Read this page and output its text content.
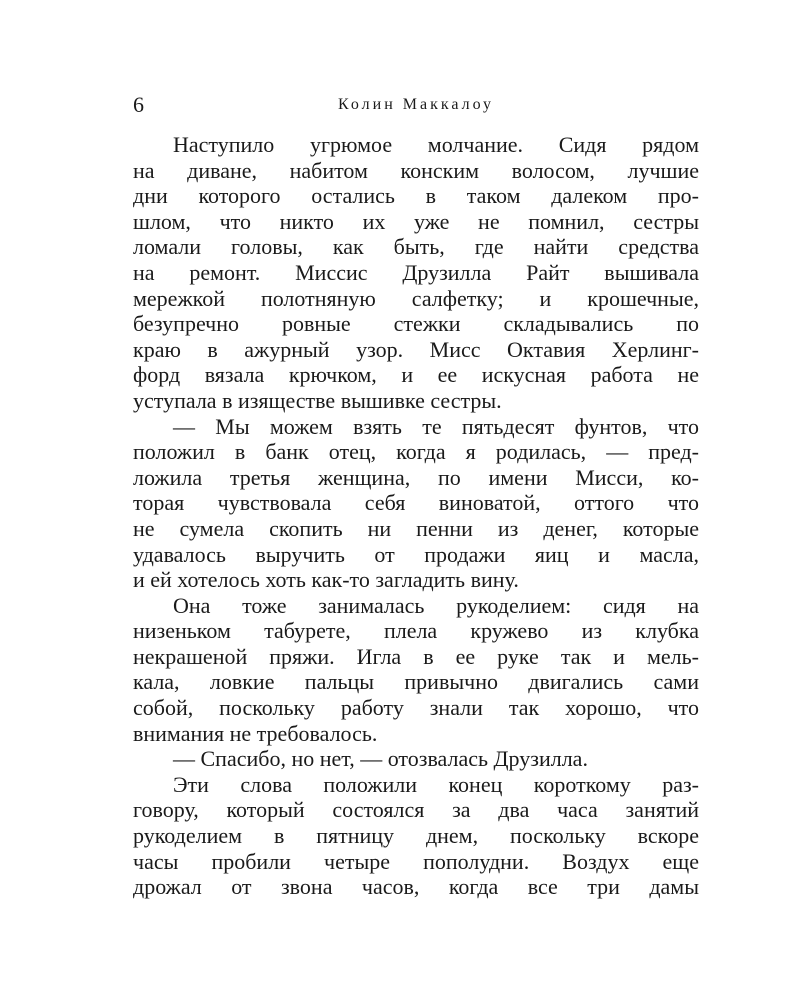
6	Колин Маккалоу
Наступило угрюмое молчание. Сидя рядом
на диване, набитом конским волосом, лучшие
дни которого остались в таком далеком про-
шлом, что никто их уже не помнил, сестры
ломали головы, как быть, где найти средства
на ремонт. Миссис Друзилла Райт вышивала
мережкой полотняную салфетку; и крошечные,
безупречно ровные стежки складывались по
краю в ажурный узор. Мисс Октавия Херлинг-
форд вязала крючком, и ее искусная работа не
уступала в изяществе вышивке сестры.
— Мы можем взять те пятьдесят фунтов, что
положил в банк отец, когда я родилась, — пред-
ложила третья женщина, по имени Мисси, ко-
торая чувствовала себя виноватой, оттого что
не сумела скопить ни пенни из денег, которые
удавалось выручить от продажи яиц и масла,
и ей хотелось хоть как-то загладить вину.
Она тоже занималась рукоделием: сидя на
низеньком табурете, плела кружево из клубка
некрашеной пряжи. Игла в ее руке так и мель-
кала, ловкие пальцы привычно двигались сами
собой, поскольку работу знали так хорошо, что
внимания не требовалось.
— Спасибо, но нет, — отозвалась Друзилла.
Эти слова положили конец короткому раз-
говору, который состоялся за два часа занятий
рукоделием в пятницу днем, поскольку вскоре
часы пробили четыре пополудни. Воздух еще
дрожал от звона часов, когда все три дамы
